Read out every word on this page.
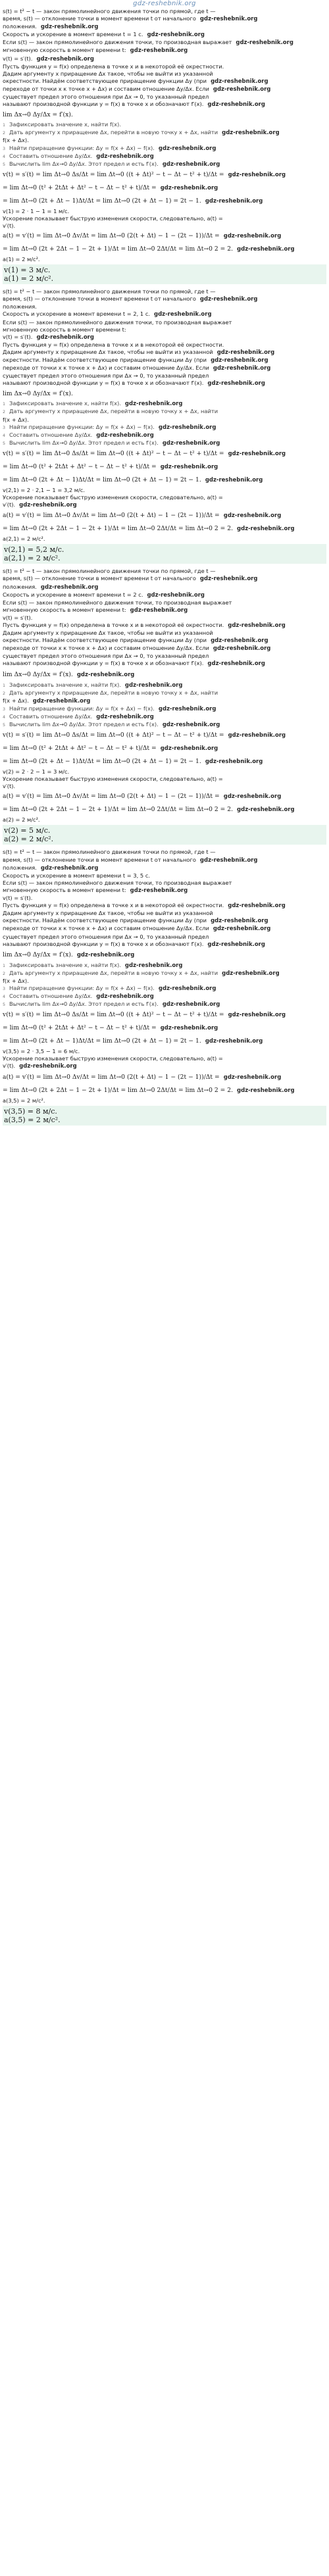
gdz-reshebnik.org
s(t) = t² − t — закон прямолинейного движения точки по прямой, где t —
время, s(t) — отклонение точки в момент времени t от начального gdz-reshebnik.org
положения. gdz-reshebnik.org
Скорость и ускорение в момент времени t = 1 с. gdz-reshebnik.org
Если s(t) — закон прямолинейного движения точки, то производная выражает gdz-reshebnik.org
мгновенную скорость в момент времени t: gdz-reshebnik.org
v(t) = s′(t). gdz-reshebnik.org
Пусть функция y = f(x) определена в точке x и в некоторой её окрестности.
Дадим аргументу x приращение Δx такое, чтобы не выйти из указанной
окрестности. Найдём соответствующее приращение функции Δy (при gdz-reshebnik.org
переходе от точки x к точке x + Δx) и составим отношение Δy/Δx. Если gdz-reshebnik.org
существует предел этого отношения при Δx → 0, то указанный предел
называют производной функции y = f(x) в точке x и обозначают f′(x). gdz-reshebnik.org
lim Δx→0 Δy/Δx = f′(x).
1 Зафиксировать значение x, найти f(x).
2 Дать аргументу x приращение Δx, перейти в новую точку x + Δx, найти gdz-reshebnik.org
f(x + Δx).
3 Найти приращение функции: Δy = f(x + Δx) − f(x). gdz-reshebnik.org
4 Составить отношение Δy/Δx. gdz-reshebnik.org
5 Вычислить lim Δx→0 Δy/Δx. Этот предел и есть f′(x). gdz-reshebnik.org
v(t) = s′(t) = lim Δt→0 Δs/Δt = lim Δt→0 ((t + Δt)² − t − Δt − t² + t)/Δt = gdz-reshebnik.org
= lim Δt→0 (t² + 2tΔt + Δt² − t − Δt − t² + t)/Δt = gdz-reshebnik.org
= lim Δt→0 (2t + Δt − 1)Δt/Δt = lim Δt→0 (2t + Δt − 1) = 2t − 1. gdz-reshebnik.org
v(1) = 2 · 1 − 1 = 1 м/с.
Ускорение показывает быструю изменения скорости, следовательно, a(t) =
v′(t).
a(t) = v′(t) = lim Δt→0 Δv/Δt = lim Δt→0 (2(t + Δt) − 1 − (2t − 1))/Δt = gdz-reshebnik.org
= lim Δt→0 (2t + 2Δt − 1 − 2t + 1)/Δt = lim Δt→0 2Δt/Δt = lim Δt→0 2 = 2. gdz-reshebnik.org
a(1) = 2 м/с².
v(1) = 3 м/с.
a(1) = 2 м/с².
s(t) = t² − t — закон прямолинейного движения точки по прямой, где t —
время, s(t) — отклонение точки в момент времени t от начального gdz-reshebnik.org
положения.
Скорость и ускорение в момент времени t = 2, 1 с. gdz-reshebnik.org
Если s(t) — закон прямолинейного движения точки, то производная выражает
мгновенную скорость в момент времени t:
v(t) = s′(t). gdz-reshebnik.org
Пусть функция y = f(x) определена в точке x и в некоторой её окрестности.
Дадим аргументу x приращение Δx такое, чтобы не выйти из указанной gdz-reshebnik.org
окрестности. Найдём соответствующее приращение функции Δy (при gdz-reshebnik.org
переходе от точки x к точке x + Δx) и составим отношение Δy/Δx. Если gdz-reshebnik.org
существует предел этого отношения при Δx → 0, то указанный предел
называют производной функции y = f(x) в точке x и обозначают f′(x). gdz-reshebnik.org
lim Δx→0 Δy/Δx = f′(x).
1 Зафиксировать значение x, найти f(x). gdz-reshebnik.org
2 Дать аргументу x приращение Δx, перейти в новую точку x + Δx, найти
f(x + Δx).
3 Найти приращение функции: Δy = f(x + Δx) − f(x). gdz-reshebnik.org
4 Составить отношение Δy/Δx. gdz-reshebnik.org
5 Вычислить lim Δx→0 Δy/Δx. Этот предел и есть f′(x). gdz-reshebnik.org
v(t) = s′(t) = lim Δt→0 Δs/Δt = lim Δt→0 ((t + Δt)² − t − Δt − t² + t)/Δt = gdz-reshebnik.org
= lim Δt→0 (t² + 2tΔt + Δt² − t − Δt − t² + t)/Δt = gdz-reshebnik.org
= lim Δt→0 (2t + Δt − 1)Δt/Δt = lim Δt→0 (2t + Δt − 1) = 2t − 1. gdz-reshebnik.org
v(2,1) = 2 · 2,1 − 1 = 3,2 м/с.
Ускорение показывает быструю изменения скорости, следовательно, a(t) =
v′(t). gdz-reshebnik.org
a(t) = v′(t) = lim Δt→0 Δv/Δt = lim Δt→0 (2(t + Δt) − 1 − (2t − 1))/Δt = gdz-reshebnik.org
= lim Δt→0 (2t + 2Δt − 1 − 2t + 1)/Δt = lim Δt→0 2Δt/Δt = lim Δt→0 2 = 2. gdz-reshebnik.org
a(2,1) = 2 м/с².
v(2,1) = 5,2 м/с.
a(2,1) = 2 м/с².
s(t) = t² − t — закон прямолинейного движения точки по прямой, где t —
время, s(t) — отклонение точки в момент времени t от начального gdz-reshebnik.org
положения. gdz-reshebnik.org
Скорость и ускорение в момент времени t = 2 с. gdz-reshebnik.org
Если s(t) — закон прямолинейного движения точки, то производная выражает
мгновенную скорость в момент времени t: gdz-reshebnik.org
v(t) = s′(t).
Пусть функция y = f(x) определена в точке x и в некоторой её окрестности. gdz-reshebnik.org
Дадим аргументу x приращение Δx такое, чтобы не выйти из указанной
окрестности. Найдём соответствующее приращение функции Δy (при gdz-reshebnik.org
переходе от точки x к точке x + Δx) и составим отношение Δy/Δx. Если gdz-reshebnik.org
существует предел этого отношения при Δx → 0, то указанный предел
называют производной функции y = f(x) в точке x и обозначают f′(x). gdz-reshebnik.org
lim Δx→0 Δy/Δx = f′(x). gdz-reshebnik.org
1 Зафиксировать значение x, найти f(x). gdz-reshebnik.org
2 Дать аргументу x приращение Δx, перейти в новую точку x + Δx, найти
f(x + Δx). gdz-reshebnik.org
3 Найти приращение функции: Δy = f(x + Δx) − f(x). gdz-reshebnik.org
4 Составить отношение Δy/Δx. gdz-reshebnik.org
5 Вычислить lim Δx→0 Δy/Δx. Этот предел и есть f′(x). gdz-reshebnik.org
v(t) = s′(t) = lim Δt→0 Δs/Δt = lim Δt→0 ((t + Δt)² − t − Δt − t² + t)/Δt = gdz-reshebnik.org
= lim Δt→0 (t² + 2tΔt + Δt² − t − Δt − t² + t)/Δt = gdz-reshebnik.org
= lim Δt→0 (2t + Δt − 1)Δt/Δt = lim Δt→0 (2t + Δt − 1) = 2t − 1. gdz-reshebnik.org
v(2) = 2 · 2 − 1 = 3 м/с.
Ускорение показывает быструю изменения скорости, следовательно, a(t) =
v′(t).
a(t) = v′(t) = lim Δt→0 Δv/Δt = lim Δt→0 (2(t + Δt) − 1 − (2t − 1))/Δt = gdz-reshebnik.org
= lim Δt→0 (2t + 2Δt − 1 − 2t + 1)/Δt = lim Δt→0 2Δt/Δt = lim Δt→0 2 = 2. gdz-reshebnik.org
a(2) = 2 м/с².
v(2) = 5 м/с.
a(2) = 2 м/с².
s(t) = t² − t — закон прямолинейного движения точки по прямой, где t —
время, s(t) — отклонение точки в момент времени t от начального gdz-reshebnik.org
положения. gdz-reshebnik.org
Скорость и ускорение в момент времени t = 3, 5 с.
Если s(t) — закон прямолинейного движения точки, то производная выражает
мгновенную скорость в момент времени t: gdz-reshebnik.org
v(t) = s′(t).
Пусть функция y = f(x) определена в точке x и в некоторой её окрестности. gdz-reshebnik.org
Дадим аргументу x приращение Δx такое, чтобы не выйти из указанной
окрестности. Найдём соответствующее приращение функции Δy (при gdz-reshebnik.org
переходе от точки x к точке x + Δx) и составим отношение Δy/Δx. Если gdz-reshebnik.org
существует предел этого отношения при Δx → 0, то указанный предел
называют производной функции y = f(x) в точке x и обозначают f′(x). gdz-reshebnik.org
lim Δx→0 Δy/Δx = f′(x). gdz-reshebnik.org
1 Зафиксировать значение x, найти f(x). gdz-reshebnik.org
2 Дать аргументу x приращение Δx, перейти в новую точку x + Δx, найти gdz-reshebnik.org
f(x + Δx).
3 Найти приращение функции: Δy = f(x + Δx) − f(x). gdz-reshebnik.org
4 Составить отношение Δy/Δx. gdz-reshebnik.org
5 Вычислить lim Δx→0 Δy/Δx. Этот предел и есть f′(x). gdz-reshebnik.org
v(t) = s′(t) = lim Δt→0 Δs/Δt = lim Δt→0 ((t + Δt)² − t − Δt − t² + t)/Δt = gdz-reshebnik.org
= lim Δt→0 (t² + 2tΔt + Δt² − t − Δt − t² + t)/Δt = gdz-reshebnik.org
= lim Δt→0 (2t + Δt − 1)Δt/Δt = lim Δt→0 (2t + Δt − 1) = 2t − 1. gdz-reshebnik.org
v(3,5) = 2 · 3,5 − 1 = 6 м/с.
Ускорение показывает быструю изменения скорости, следовательно, a(t) =
v′(t). gdz-reshebnik.org
a(t) = v′(t) = lim Δt→0 Δv/Δt = lim Δt→0 (2(t + Δt) − 1 − (2t − 1))/Δt = gdz-reshebnik.org
= lim Δt→0 (2t + 2Δt − 1 − 2t + 1)/Δt = lim Δt→0 2Δt/Δt = lim Δt→0 2 = 2. gdz-reshebnik.org
a(3,5) = 2 м/с².
v(3,5) = 8 м/с.
a(3,5) = 2 м/с².
